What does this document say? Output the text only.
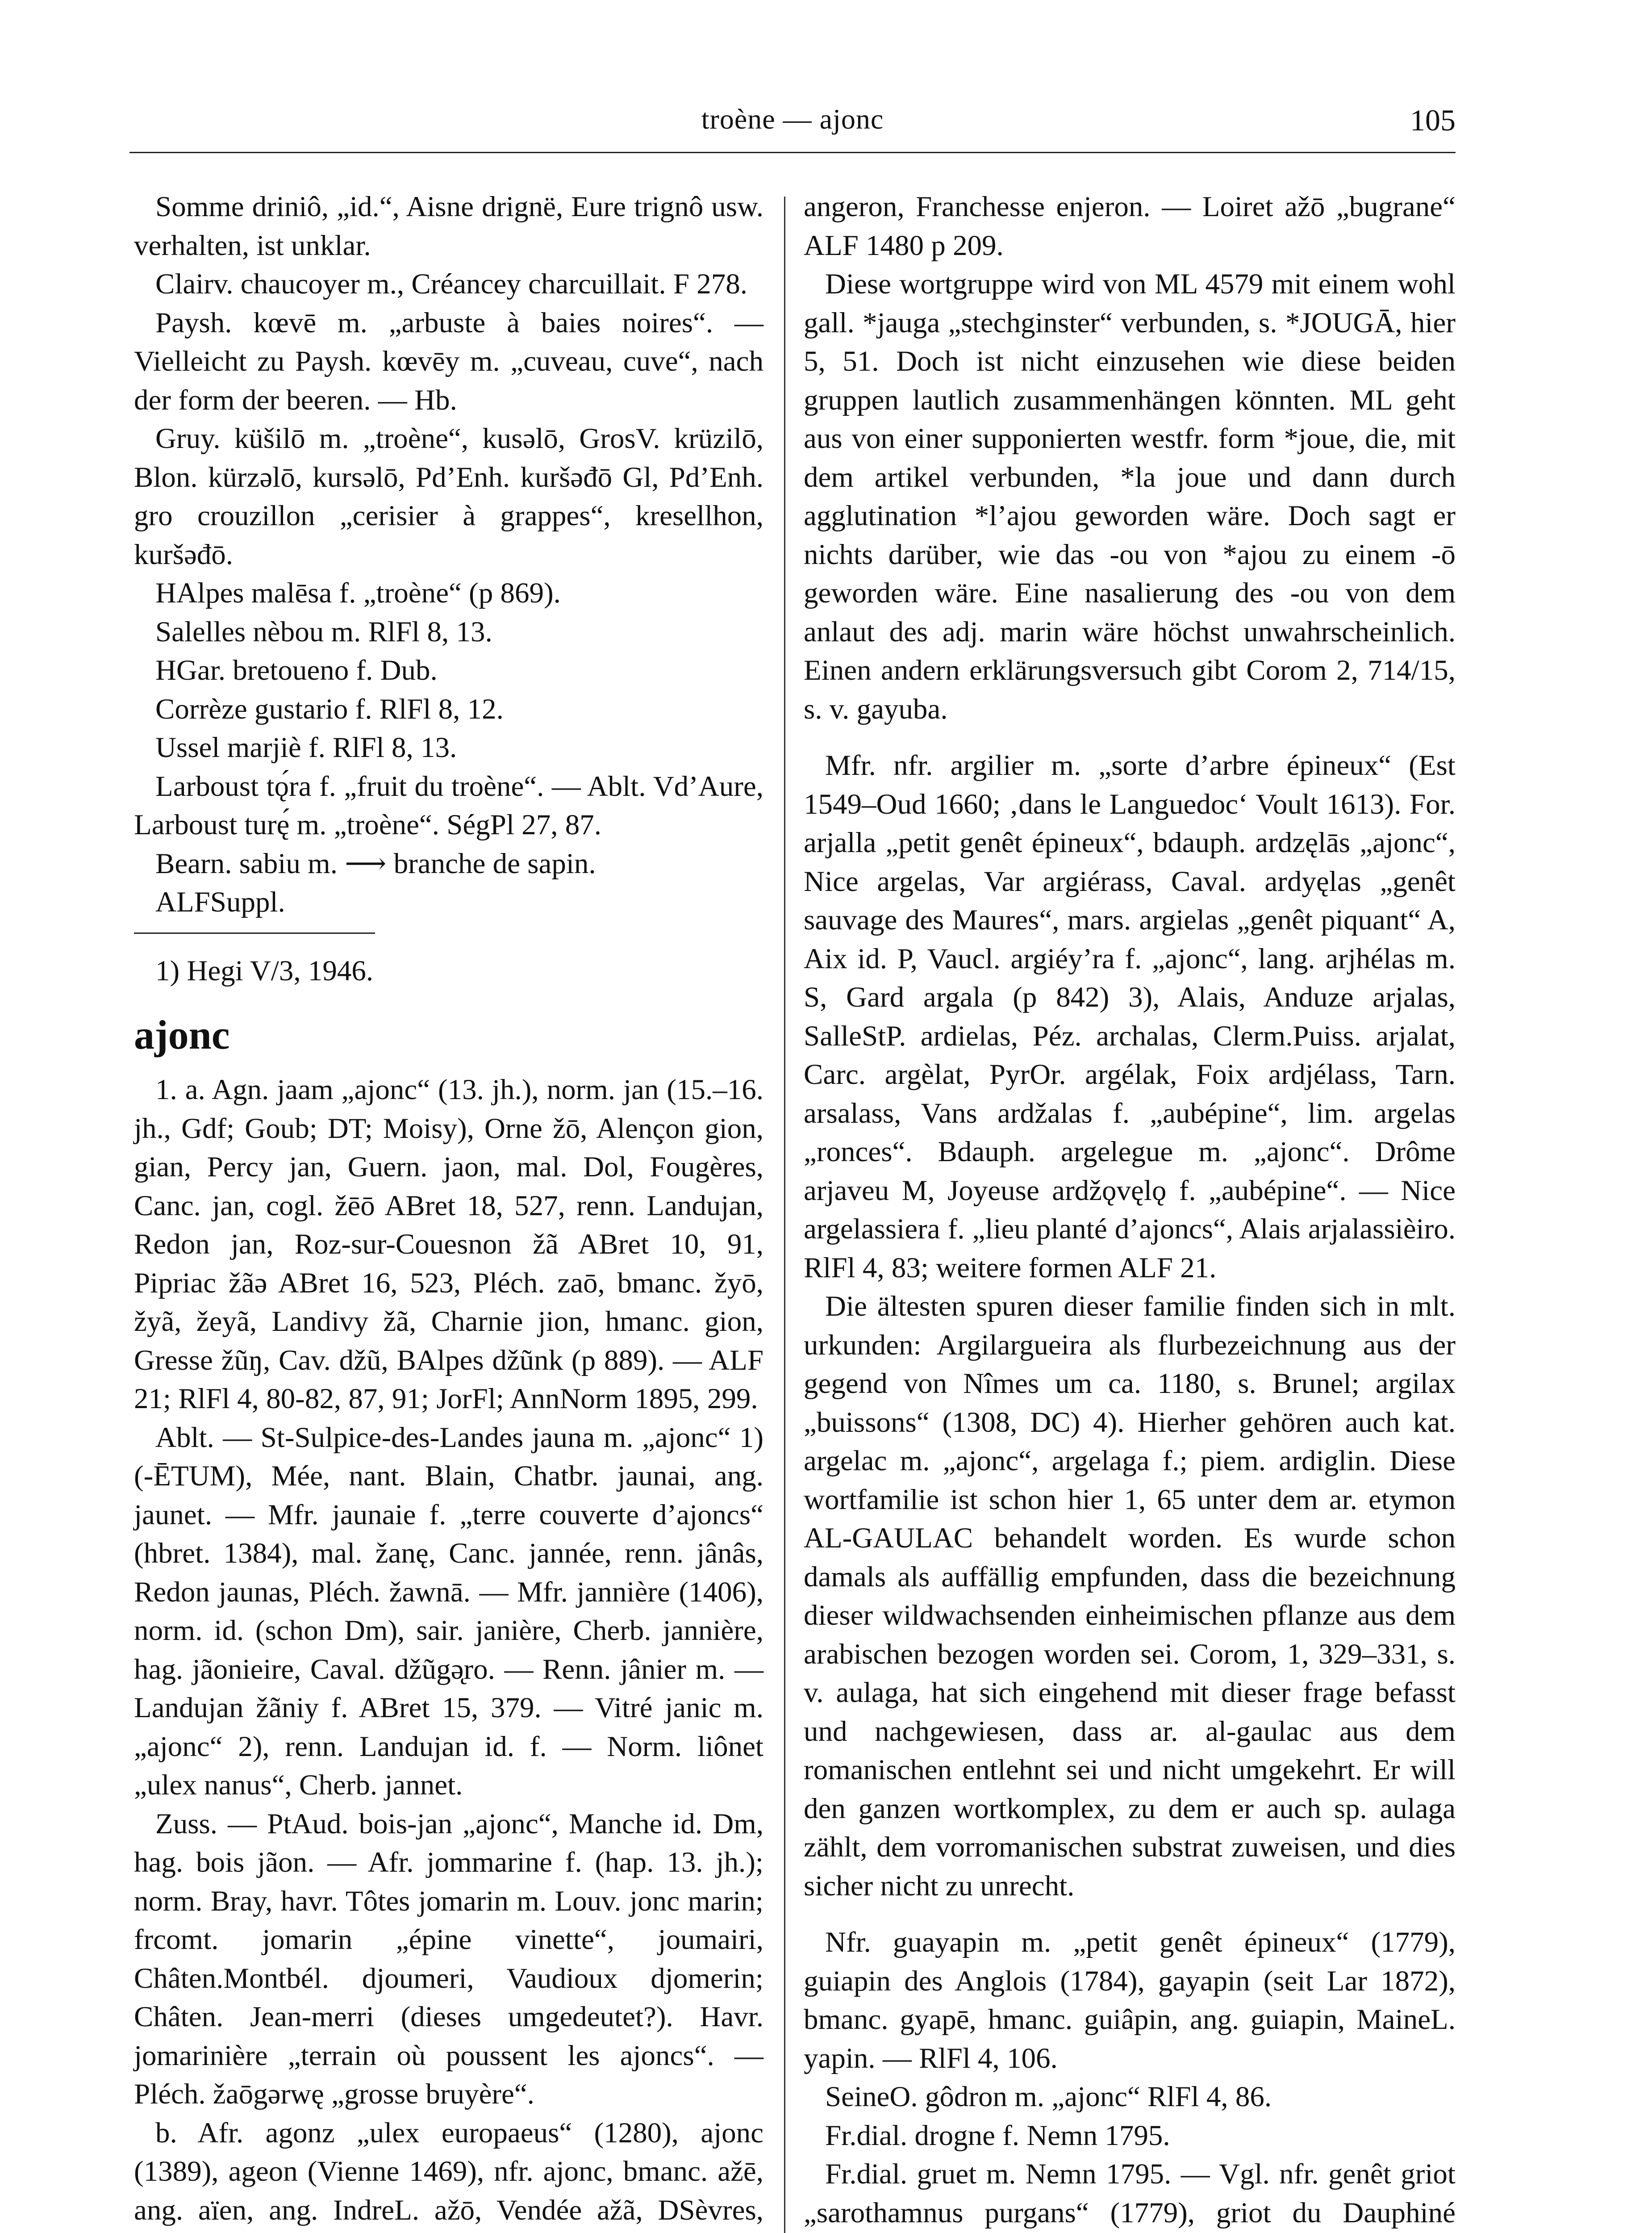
troène — ajonc	105

Somme driniô, „id.“, Aisne drignë, Eure trignô usw. verhalten, ist unklar.

Clairv. chaucoyer m., Créancey charcuillait. F 278.

Paysh. kœvē m. „arbuste à baies noires“. — Vielleicht zu Paysh. kœvēy m. „cuveau, cuve“, nach der form der beeren. — Hb.

Gruy. küšilō m. „troène“, kusəlō, GrosV. krüzilō, Blon. kürzəlō, kursəlō, Pd’Enh. kuršəđō Gl, Pd’Enh. gro crouzillon „cerisier à grappes“, kresellhon, kuršəđō.

HAlpes malēsa f. „troène“ (p 869).

Salelles nèbou m. RlFl 8, 13.

HGar. bretoueno f. Dub.

Corrèze gustario f. RlFl 8, 12.

Ussel marjiè f. RlFl 8, 13.

Larboust tǫ́ra f. „fruit du troène“. — Ablt. Vd’Aure, Larboust turę́ m. „troène“. SégPl 27, 87.

Bearn. sabiu m. ⟶ branche de sapin.

ALFSuppl.

1) Hegi V/3, 1946.

ajonc

1. a. Agn. jaam „ajonc“ (13. jh.), norm. jan (15.–16. jh., Gdf; Goub; DT; Moisy), Orne žō, Alençon gion, gian, Percy jan, Guern. jaon, mal. Dol, Fougères, Canc. jan, cogl. žēō ABret 18, 527, renn. Landujan, Redon jan, Roz-sur-Couesnon žã ABret 10, 91, Pipriac žãə ABret 16, 523, Pléch. zaō, bmanc. žyō, žyã, žeyã, Landivy žã, Charnie jion, hmanc. gion, Gresse žũŋ, Cav. džũ, BAlpes džũnk (p 889). — ALF 21; RlFl 4, 80-82, 87, 91; JorFl; AnnNorm 1895, 299.

Ablt. — St-Sulpice-des-Landes jauna m. „ajonc“ 1) (-ĒTUM), Mée, nant. Blain, Chatbr. jaunai, ang. jaunet. — Mfr. jaunaie f. „terre couverte d’ajoncs“ (hbret. 1384), mal. žanę, Canc. jannée, renn. jânâs, Redon jaunas, Pléch. žawnā. — Mfr. jannière (1406), norm. id. (schon Dm), sair. janière, Cherb. jannière, hag. jãonieire, Caval. džũgə̨ro. — Renn. jânier m. — Landujan žãniy f. ABret 15, 379. — Vitré janic m. „ajonc“ 2), renn. Landujan id. f. — Norm. liônet „ulex nanus“, Cherb. jannet.

Zuss. — PtAud. bois-jan „ajonc“, Manche id. Dm, hag. bois jãon. — Afr. jommarine f. (hap. 13. jh.); norm. Bray, havr. Tôtes jomarin m. Louv. jonc marin; frcomt. jomarin „épine vinette“, joumairi, Châten.Montbél. djoumeri, Vaudioux djomerin; Châten. Jean-merri (dieses umgedeutet?). Havr. jomarinière „terrain où poussent les ajoncs“. — Pléch. žaōgərwę „grosse bruyère“.

b. Afr. agonz „ulex europaeus“ (1280), ajonc (1389), ageon (Vienne 1469), nfr. ajonc, bmanc. ažē, ang. aïen, ang. IndreL. ažō, Vendée ažã, DSèvres,

angeron, Franchesse enjeron. — Loiret ažō „bugrane“ ALF 1480 p 209.

Diese wortgruppe wird von ML 4579 mit einem wohl gall. *jauga „stechginster“ verbunden, s. *JOUGĀ, hier 5, 51. Doch ist nicht einzusehen wie diese beiden gruppen lautlich zusammenhängen könnten. ML geht aus von einer supponierten westfr. form *joue, die, mit dem artikel verbunden, *la joue und dann durch agglutination *l’ajou geworden wäre. Doch sagt er nichts darüber, wie das -ou von *ajou zu einem -ō geworden wäre. Eine nasalierung des -ou von dem anlaut des adj. marin wäre höchst unwahrscheinlich. Einen andern erklärungsversuch gibt Corom 2, 714/15, s. v. gayuba.

Mfr. nfr. argilier m. „sorte d’arbre épineux“ (Est 1549–Oud 1660; ‚dans le Languedoc‘ Voult 1613). For. arjalla „petit genêt épineux“, bdauph. ardzęlās „ajonc“, Nice argelas, Var argiérass, Caval. ardyęlas „genêt sauvage des Maures“, mars. argielas „genêt piquant“ A, Aix id. P, Vaucl. argiéy’ra f. „ajonc“, lang. arjhélas m. S, Gard argala (p 842) 3), Alais, Anduze arjalas, SalleStP. ardielas, Péz. archalas, Clerm.Puiss. arjalat, Carc. argèlat, PyrOr. argélak, Foix ardjélass, Tarn. arsalass, Vans ardžalas f. „aubépine“, lim. argelas „ronces“. Bdauph. argelegue m. „ajonc“. Drôme arjaveu M, Joyeuse ardžǫvęlǫ f. „aubépine“. — Nice argelassiera f. „lieu planté d’ajoncs“, Alais arjalassièiro. RlFl 4, 83; weitere formen ALF 21.

Die ältesten spuren dieser familie finden sich in mlt. urkunden: Argilargueira als flurbezeichnung aus der gegend von Nîmes um ca. 1180, s. Brunel; argilax „buissons“ (1308, DC) 4). Hierher gehören auch kat. argelac m. „ajonc“, argelaga f.; piem. ardiglin. Diese wortfamilie ist schon hier 1, 65 unter dem ar. etymon AL-GAULAC behandelt worden. Es wurde schon damals als auffällig empfunden, dass die bezeichnung dieser wildwachsenden einheimischen pflanze aus dem arabischen bezogen worden sei. Corom, 1, 329–331, s. v. aulaga, hat sich eingehend mit dieser frage befasst und nachgewiesen, dass ar. al-gaulac aus dem romanischen entlehnt sei und nicht umgekehrt. Er will den ganzen wortkomplex, zu dem er auch sp. aulaga zählt, dem vorromanischen substrat zuweisen, und dies sicher nicht zu unrecht.

Nfr. guayapin m. „petit genêt épineux“ (1779), guiapin des Anglois (1784), gayapin (seit Lar 1872), bmanc. gyapē, hmanc. guiâpin, ang. guiapin, MaineL. yapin. — RlFl 4, 106.

SeineO. gôdron m. „ajonc“ RlFl 4, 86.

Fr.dial. drogne f. Nemn 1795.

Fr.dial. gruet m. Nemn 1795. — Vgl. nfr. genêt griot „sarothamnus purgans“ (1779), griot du Dauphiné
